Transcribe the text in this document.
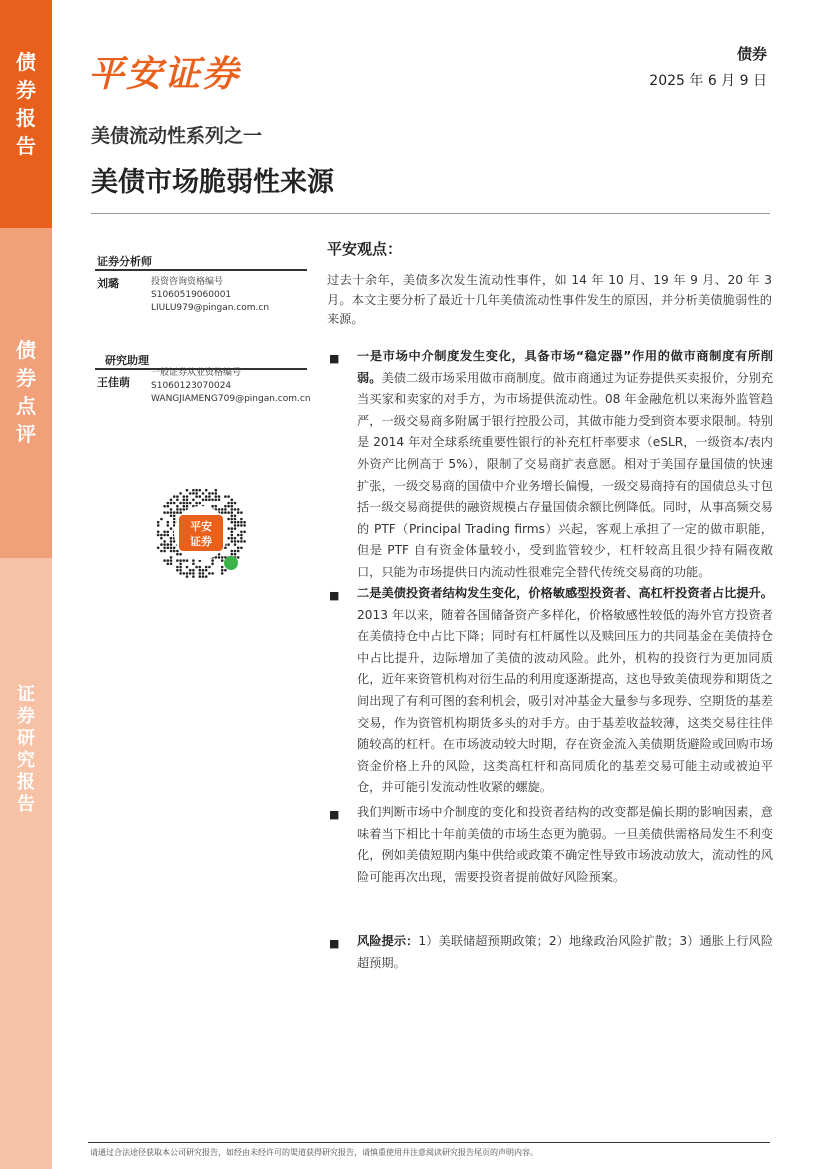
债
券
报
告
债
券
点
评
证
券
研
究
报
告
平安证券	债券
2025 年 6 月 9 日
美债流动性系列之一
美债市场脆弱性来源
证券分析师
刘璐	投资咨询资格编号
S1060519060001
LIULU979@pingan.com.cn
研究助理
王佳萌
一般证券从业资格编号
S1060123070024
WANGJIAMENG709@pingan.com.cn
平安
证券
平安观点：
过去十余年，美债多次发生流动性事件，如 14 年 10 月、19 年 9 月、20 年 3 月。本文主要分析了最近十几年美债流动性事件发生的原因，并分析美债脆弱性的来源。
■ 一是市场中介制度发生变化，具备市场“稳定器”作用的做市商制度有所削弱。美债二级市场采用做市商制度。做市商通过为证券提供买卖报价，分别充当买家和卖家的对手方，为市场提供流动性。08 年金融危机以来海外监管趋严，一级交易商多附属于银行控股公司，其做市能力受到资本要求限制。特别是 2014 年对全球系统重要性银行的补充杠杆率要求（eSLR，一级资本/表内外资产比例高于 5%），限制了交易商扩表意愿。相对于美国存量国债的快速扩张，一级交易商的国债中介业务增长偏慢，一级交易商持有的国债总头寸包括一级交易商提供的融资规模占存量国债余额比例降低。同时，从事高频交易的 PTF（Principal Trading firms）兴起，客观上承担了一定的做市职能，但是 PTF 自有资金体量较小，受到监管较少，杠杆较高且很少持有隔夜敞口，只能为市场提供日内流动性很难完全替代传统交易商的功能。
■ 二是美债投资者结构发生变化，价格敏感型投资者、高杠杆投资者占比提升。2013 年以来，随着各国储备资产多样化，价格敏感性较低的海外官方投资者在美债持仓中占比下降；同时有杠杆属性以及赎回压力的共同基金在美债持仓中占比提升，边际增加了美债的波动风险。此外，机构的投资行为更加同质化，近年来资管机构对衍生品的利用度逐渐提高，这也导致美债现券和期货之间出现了有利可图的套利机会，吸引对冲基金大量参与多现券、空期货的基差交易，作为资管机构期货多头的对手方。由于基差收益较薄，这类交易往往伴随较高的杠杆。在市场波动较大时期，存在资金流入美债期货避险或回购市场资金价格上升的风险，这类高杠杆和高同质化的基差交易可能主动或被迫平仓，并可能引发流动性收紧的螺旋。
■ 我们判断市场中介制度的变化和投资者结构的改变都是偏长期的影响因素，意味着当下相比十年前美债的市场生态更为脆弱。一旦美债供需格局发生不利变化，例如美债短期内集中供给或政策不确定性导致市场波动放大，流动性的风险可能再次出现，需要投资者提前做好风险预案。
■ 风险提示：1）美联储超预期政策；2）地缘政治风险扩散；3）通胀上行风险超预期。
请通过合法途径获取本公司研究报告，如经由未经许可的渠道获得研究报告，请慎重使用并注意阅读研究报告尾页的声明内容。
